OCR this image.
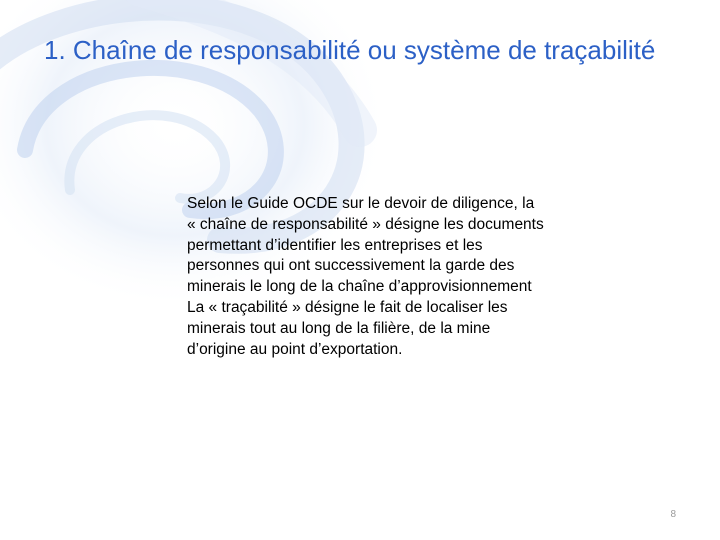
1. Chaîne de responsabilité ou système de traçabilité

Selon le Guide OCDE sur le devoir de diligence, la « chaîne de responsabilité » désigne les documents permettant d’identifier les entreprises et les personnes qui ont successivement la garde des minerais le long de la chaîne d’approvisionnement

La « traçabilité » désigne le fait de localiser les minerais tout au long de la filière, de la mine d’origine au point d’exportation.

8
